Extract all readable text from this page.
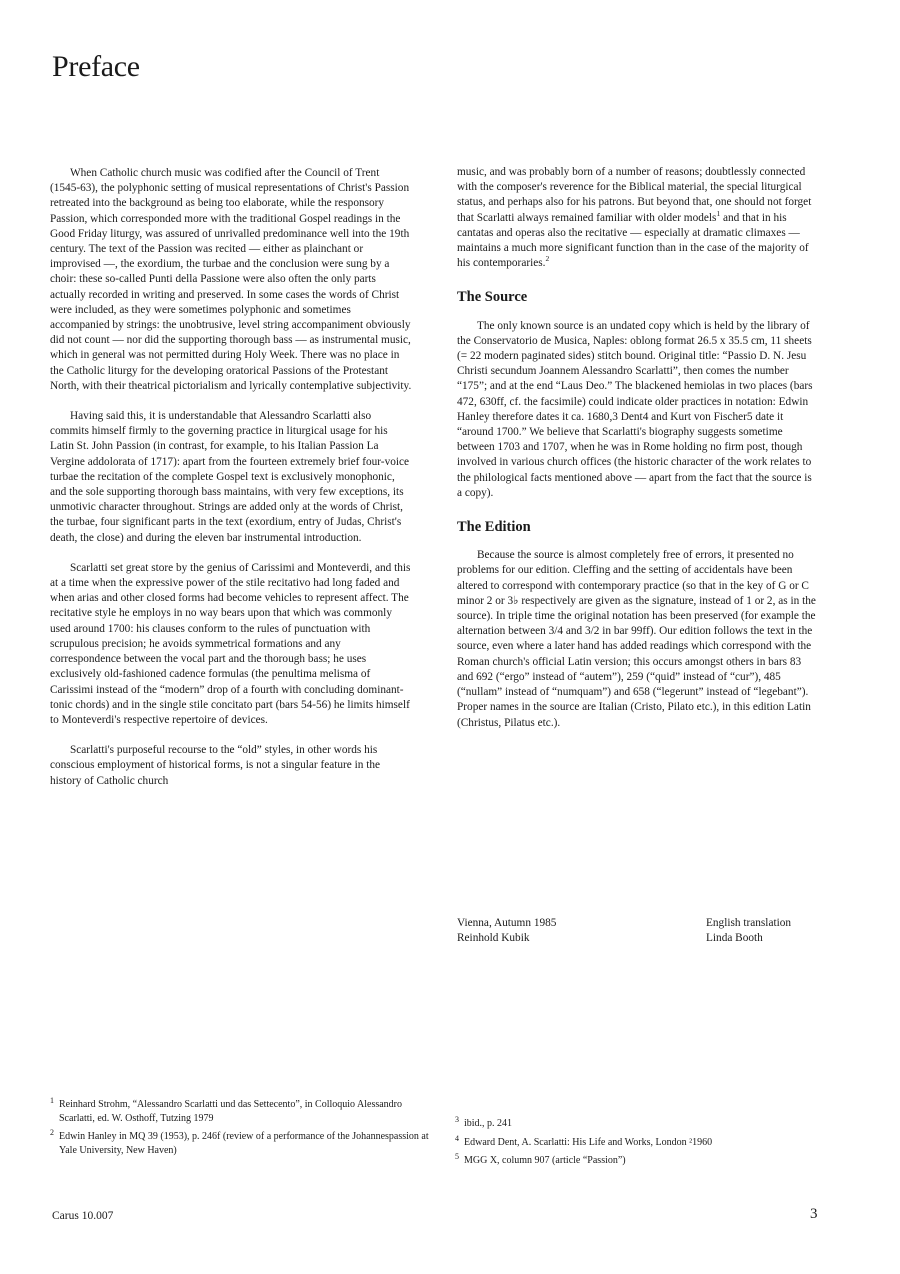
Preface

When Catholic church music was codified after the Council of Trent (1545-63), the polyphonic setting of musical representations of Christ's Passion retreated into the background as being too elaborate, while the responsory Passion, which corresponded more with the traditional Gospel readings in the Good Friday liturgy, was assured of unrivalled predominance well into the 19th century. The text of the Passion was recited — either as plainchant or improvised —, the exordium, the turbae and the conclusion were sung by a choir: these so-called Punti della Passione were also often the only parts actually recorded in writing and preserved. In some cases the words of Christ were included, as they were sometimes polyphonic and sometimes accompanied by strings: the unobtrusive, level string accompaniment obviously did not count — nor did the supporting thorough bass — as instrumental music, which in general was not permitted during Holy Week. There was no place in the Catholic liturgy for the developing oratorical Passions of the Protestant North, with their theatrical pictorialism and lyrically contemplative subjectivity.

Having said this, it is understandable that Alessandro Scarlatti also commits himself firmly to the governing practice in liturgical usage for his Latin St. John Passion (in contrast, for example, to his Italian Passion La Vergine addolorata of 1717): apart from the fourteen extremely brief four-voice turbae the recitation of the complete Gospel text is exclusively monophonic, and the sole supporting thorough bass maintains, with very few exceptions, its unmotivic character throughout. Strings are added only at the words of Christ, the turbae, four significant parts in the text (exordium, entry of Judas, Christ's death, the close) and during the eleven bar instrumental introduction.

Scarlatti set great store by the genius of Carissimi and Monteverdi, and this at a time when the expressive power of the stile recitativo had long faded and when arias and other closed forms had become vehicles to represent affect. The recitative style he employs in no way bears upon that which was commonly used around 1700: his clauses conform to the rules of punctuation with scrupulous precision; he avoids symmetrical formations and any correspondence between the vocal part and the thorough bass; he uses exclusively old-fashioned cadence formulas (the penultima melisma of Carissimi instead of the “modern” drop of a fourth with concluding dominant-tonic chords) and in the single stile concitato part (bars 54-56) he limits himself to Monteverdi's respective repertoire of devices.

Scarlatti's purposeful recourse to the “old” styles, in other words his conscious employment of historical forms, is not a singular feature in the history of Catholic church

music, and was probably born of a number of reasons; doubtlessly connected with the composer's reverence for the Biblical material, the special liturgical status, and perhaps also for his patrons. But beyond that, one should not forget that Scarlatti always remained familiar with older models$^1$ and that in his cantatas and operas also the recitative — especially at dramatic climaxes — maintains a much more significant function than in the case of the majority of his contemporaries.$^2$

The Source

The only known source is an undated copy which is held by the library of the Conservatorio de Musica, Naples: oblong format 26.5 x 35.5 cm, 11 sheets (= 22 modern paginated sides) stitch bound. Original title: “Passio D. N. Jesu Christi secundum Joannem Alessandro Scarlatti”, then comes the number “175”; and at the end “Laus Deo.” The blackened hemiolas in two places (bars 472, 630ff, cf. the facsimile) could indicate older practices in notation: Edwin Hanley therefore dates it ca. 1680,3 Dent4 and Kurt von Fischer5 date it “around 1700.” We believe that Scarlatti's biography suggests sometime between 1703 and 1707, when he was in Rome holding no firm post, though involved in various church offices (the historic character of the work relates to the philological facts mentioned above — apart from the fact that the source is a copy).

The Edition

Because the source is almost completely free of errors, it presented no problems for our edition. Cleffing and the setting of accidentals have been altered to correspond with contemporary practice (so that in the key of G or C minor 2 or 3♭ respectively are given as the signature, instead of 1 or 2, as in the source). In triple time the original notation has been preserved (for example the alternation between 3/4 and 3/2 in bar 99ff). Our edition follows the text in the source, even where a later hand has added readings which correspond with the Roman church's official Latin version; this occurs amongst others in bars 83 and 692 (“ergo” instead of “autem”), 259 (“quid” instead of “cur”), 485 (“nullam” instead of “numquam”) and 658 (“legerunt” instead of “legebant”). Proper names in the source are Italian (Cristo, Pilato etc.), in this edition Latin (Christus, Pilatus etc.).

Vienna, Autumn 1985
Reinhold Kubik
English translation
Linda Booth
1 Reinhard Strohm, “Alessandro Scarlatti und das Settecento”, in Colloquio Alessandro Scarlatti, ed. W. Osthoff, Tutzing 1979
2 Edwin Hanley in MQ 39 (1953), p. 246f (review of a performance of the Johannespassion at Yale University, New Haven)
3 ibid., p. 241
4 Edward Dent, A. Scarlatti: His Life and Works, London ²1960
5 MGG X, column 907 (article “Passion”)
Carus 10.007	3
